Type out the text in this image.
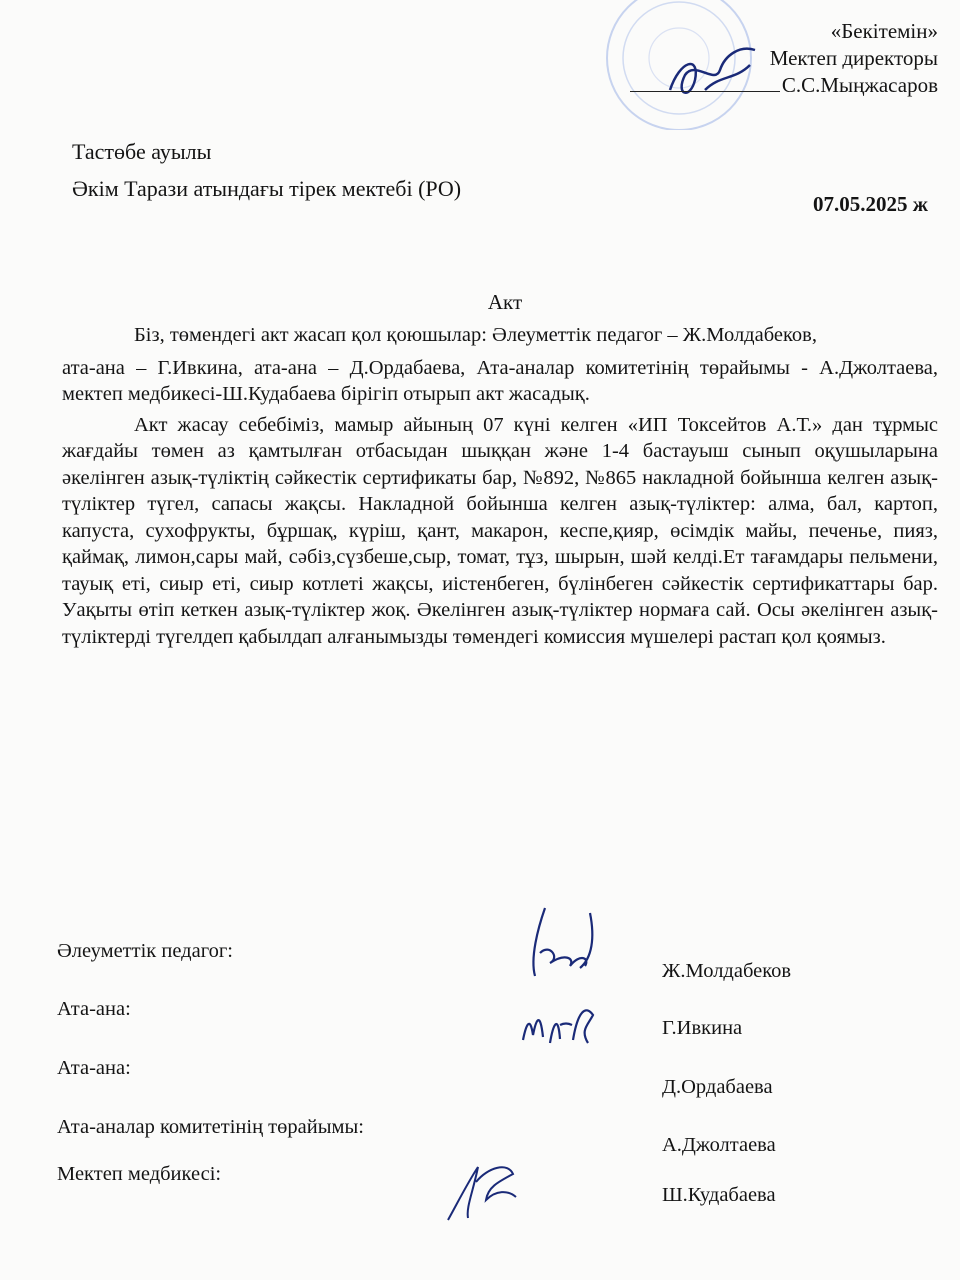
«Бекітемін»
Мектеп директоры
С.С.Мыңжасаров
Тастөбе ауылы
Әкім Тарази атындағы тірек мектебі (РО)
07.05.2025 ж
Акт

Біз, төмендегі акт жасап қол қоюшылар: Әлеуметтік педагог – Ж.Молдабеков,

ата-ана – Г.Ивкина, ата-ана – Д.Ордабаева, Ата-аналар комитетінің төрайымы - А.Джолтаева, мектеп медбикесі-Ш.Кудабаева бірігіп отырып акт жасадық.

Акт жасау себебіміз, мамыр айының 07 күні келген «ИП Токсейтов А.Т.» дан тұрмыс жағдайы төмен аз қамтылған отбасыдан шыққан және 1-4 бастауыш сынып оқушыларына әкелінген азық-түліктің сәйкестік сертификаты бар, №892, №865 накладной бойынша келген азық-түліктер түгел, сапасы жақсы. Накладной бойынша келген азық-түліктер: алма, бал, картоп, капуста, сухофрукты, бұршақ, күріш, қант, макарон, кеспе,қияр, өсімдік майы, печенье, пияз, қаймақ, лимон,сары май, сәбіз,сүзбеше,сыр, томат, тұз, шырын, шәй келді.Ет тағамдары пельмени, тауық еті, сиыр еті, сиыр котлеті жақсы, иістенбеген, бүлінбеген сәйкестік сертификаттары бар. Уақыты өтіп кеткен азық-түліктер жоқ. Әкелінген азық-түліктер нормаға сай. Осы әкелінген азық-түліктерді түгелдеп қабылдап алғанымызды төмендегі комиссия мүшелері растап қол қоямыз.

Әлеуметтік педагог:
Ж.Молдабеков
Ата-ана:
Г.Ивкина
Ата-ана:
Д.Ордабаева
Ата-аналар комитетінің төрайымы:
А.Джолтаева
Мектеп медбикесі:
Ш.Кудабаева
